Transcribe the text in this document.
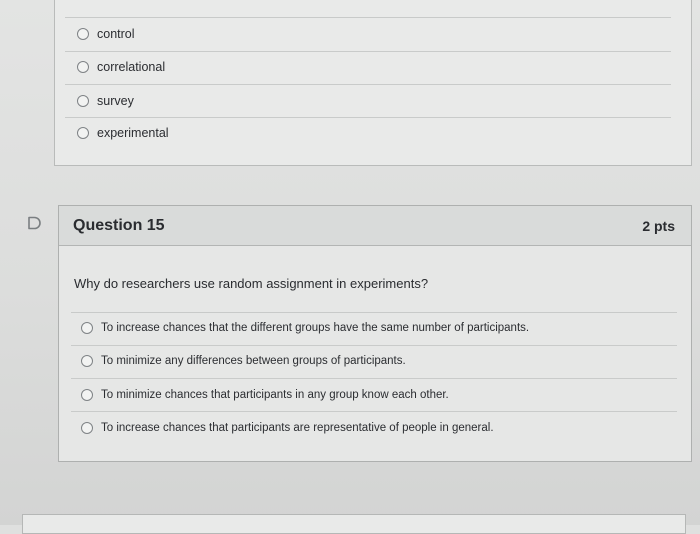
control
correlational
survey
experimental
Question 15	2 pts
Why do researchers use random assignment in experiments?
To increase chances that the different groups have the same number of participants.
To minimize any differences between groups of participants.
To minimize chances that participants in any group know each other.
To increase chances that participants are representative of people in general.
